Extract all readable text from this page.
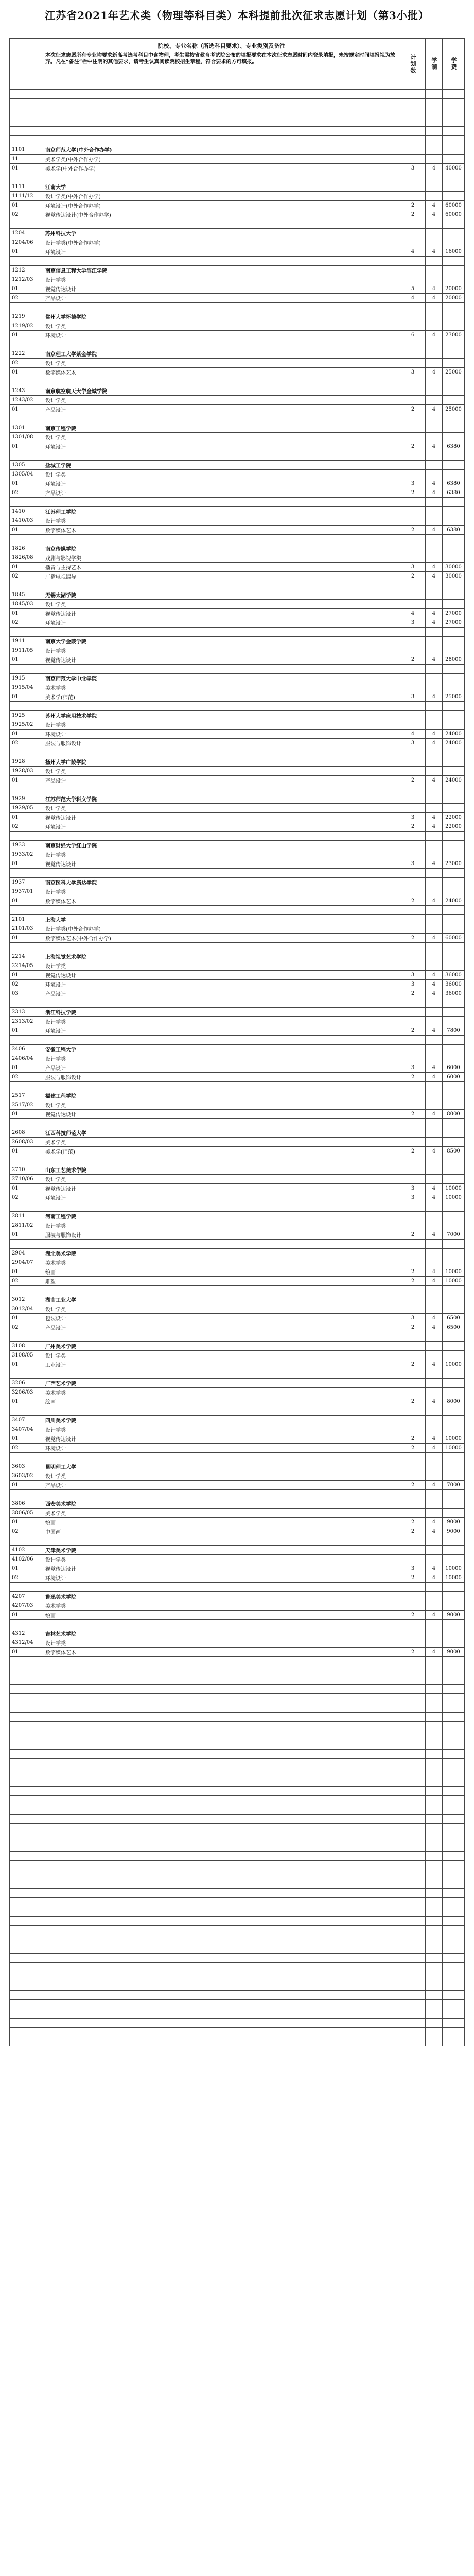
江苏省2021年艺术类（物理等科目类）本科提前批次征求志愿计划（第3小批）

	院校、专业名称（所选科目要求）、专业类别及备注
本次征求志愿所有专业均要求新高考选考科目中含物理，考生需按省教育考试院公布的填报要求在本次征求志愿时间内登录填报，未按规定时间填报视为放弃。凡在“备注”栏中注明的其他要求，请考生认真阅读院校招生章程，符合要求的方可填报。	计划数	学制	学费

1101	南京师范大学(中外合作办学)			
11	美术学类(中外合作办学)			
01	美术学(中外合作办学)	3	4	40000

1111	江南大学			
1111/12	设计学类(中外合作办学)			
01	环境设计(中外合作办学)	2	4	60000
02	视觉传达设计(中外合作办学)	2	4	60000

1204	苏州科技大学			
1204/06	设计学类(中外合作办学)			
01	环境设计	4	4	16000

1212	南京信息工程大学滨江学院			
1212/03	设计学类			
01	视觉传达设计	5	4	20000
02	产品设计	4	4	20000

1219	常州大学怀德学院			
1219/02	设计学类			
01	环境设计	6	4	23000

1222	南京理工大学紫金学院			
02	设计学类			
01	数字媒体艺术	3	4	25000

1243	南京航空航天大学金城学院			
1243/02	设计学类			
01	产品设计	2	4	25000

1301	南京工程学院			
1301/08	设计学类			
01	环境设计	2	4	6380

1305	盐城工学院			
1305/04	设计学类			
01	环境设计	3	4	6380
02	产品设计	2	4	6380

1410	江苏理工学院			
1410/03	设计学类			
01	数字媒体艺术	2	4	6380

1826	南京传媒学院			
1826/08	戏剧与影视学类			
01	播音与主持艺术	3	4	30000
02	广播电视编导	2	4	30000

1845	无锡太湖学院			
1845/03	设计学类			
01	视觉传达设计	4	4	27000
02	环境设计	3	4	27000

1911	南京大学金陵学院			
1911/05	设计学类			
01	视觉传达设计	2	4	28000

1915	南京师范大学中北学院			
1915/04	美术学类			
01	美术学(师范)	3	4	25000

1925	苏州大学应用技术学院			
1925/02	设计学类			
01	环境设计	4	4	24000
02	服装与服饰设计	3	4	24000

1928	扬州大学广陵学院			
1928/03	设计学类			
01	产品设计	2	4	24000

1929	江苏师范大学科文学院			
1929/05	设计学类			
01	视觉传达设计	3	4	22000
02	环境设计	2	4	22000

1933	南京财经大学红山学院			
1933/02	设计学类			
01	视觉传达设计	3	4	23000

1937	南京医科大学康达学院			
1937/01	设计学类			
01	数字媒体艺术	2	4	24000

2101	上海大学			
2101/03	设计学类(中外合作办学)			
01	数字媒体艺术(中外合作办学)	2	4	60000

2214	上海视觉艺术学院			
2214/05	设计学类			
01	视觉传达设计	3	4	36000
02	环境设计	3	4	36000
03	产品设计	2	4	36000

2313	浙江科技学院			
2313/02	设计学类			
01	环境设计	2	4	7800

2406	安徽工程大学			
2406/04	设计学类			
01	产品设计	3	4	6000
02	服装与服饰设计	2	4	6000

2517	福建工程学院			
2517/02	设计学类			
01	视觉传达设计	2	4	8000

2608	江西科技师范大学			
2608/03	美术学类			
01	美术学(师范)	2	4	8500

2710	山东工艺美术学院			
2710/06	设计学类			
01	视觉传达设计	3	4	10000
02	环境设计	3	4	10000

2811	河南工程学院			
2811/02	设计学类			
01	服装与服饰设计	2	4	7000

2904	湖北美术学院			
2904/07	美术学类			
01	绘画	2	4	10000
02	雕塑	2	4	10000

3012	湖南工业大学			
3012/04	设计学类			
01	包装设计	3	4	6500
02	产品设计	2	4	6500

3108	广州美术学院			
3108/05	设计学类			
01	工业设计	2	4	10000

3206	广西艺术学院			
3206/03	美术学类			
01	绘画	2	4	8000

3407	四川美术学院			
3407/04	设计学类			
01	视觉传达设计	2	4	10000
02	环境设计	2	4	10000

3603	昆明理工大学			
3603/02	设计学类			
01	产品设计	2	4	7000

3806	西安美术学院			
3806/05	美术学类			
01	绘画	2	4	9000
02	中国画	2	4	9000

4102	天津美术学院			
4102/06	设计学类			
01	视觉传达设计	3	4	10000
02	环境设计	2	4	10000

4207	鲁迅美术学院			
4207/03	美术学类			
01	绘画	2	4	9000

4312	吉林艺术学院			
4312/04	设计学类			
01	数字媒体艺术	2	4	9000
